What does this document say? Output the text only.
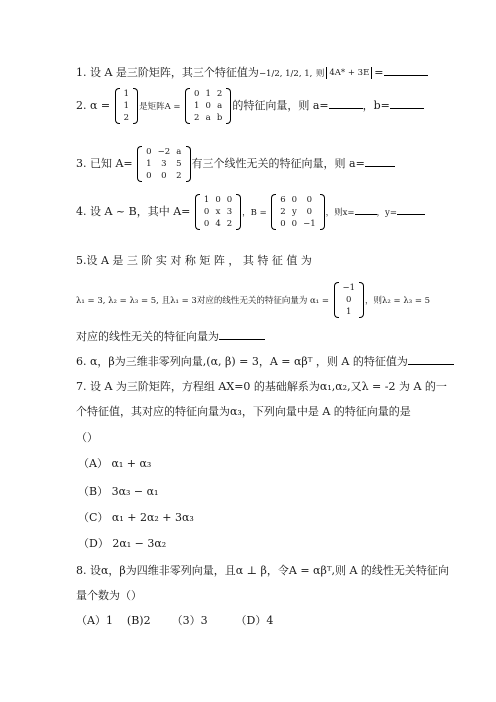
1. 设 A 是三阶矩阵，其三个特征值为−1/2, 1/2, 1, 则 4A* + 3E =
2. α =
1
1
2
是矩阵A =
0	1	2
1	0	a
2	a	b
的特征向量，则 a=	，b=
3. 已知 A=
0	−2	a
1	3	5
0	0	2
有三个线性无关的特征向量，则 a=
4. 设 A ~ B，其中 A=
1	0	0
0	x	3
0	4	2
，B =
6	0	0
2	y	0
0	0	−1
，则x=	，y=
5.设 A 是 三 阶 实 对 称 矩 阵 ， 其 特 征 值 为
λ₁ = 3, λ₂ = λ₃ = 5, 且λ₁ = 3对应的线性无关的特征向量为 α₁ =
−1
0
1
，则λ₂ = λ₃ = 5
对应的线性无关的特征向量为
6. α，β为三维非零列向量,(α, β) = 3，A = αβᵀ ，则 A 的特征值为
7. 设 A 为三阶矩阵，方程组 AX=0 的基础解系为α₁,α₂,又λ = -2 为 A 的一
个特征值，其对应的特征向量为α₃，下列向量中是 A 的特征向量的是
（）
（A） α₁ + α₃
（B） 3α₃ − α₁
（C） α₁ + 2α₂ + 3α₃
（D） 2α₁ − 3α₂
8. 设α，β为四维非零列向量，且α ⊥ β，令A = αβᵀ,则 A 的线性无关特征向
量个数为（）
（A）1    (B)2      （3）3        （D）4
